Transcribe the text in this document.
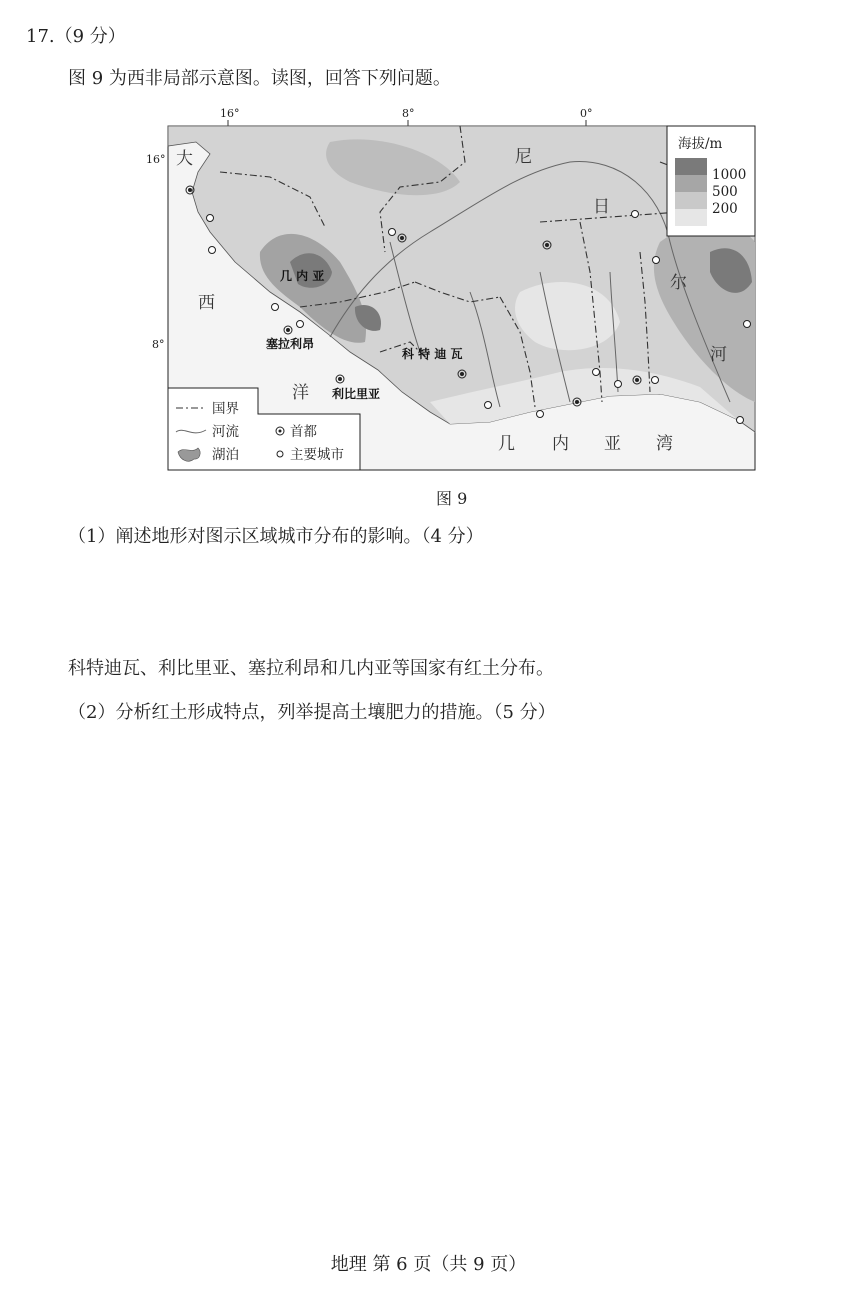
17.（9 分）
图 9 为西非局部示意图。读图，回答下列问题。
16°	8°	0°
16°
8°
大
西
洋
尼
日
尔
河
几 内 亚 湾
几 内 亚
塞拉利昂
科 特 迪 瓦
利比里亚
海拔/m
1000
500
200
国界
河流
湖泊
首都
主要城市
图 9
（1）阐述地形对图示区域城市分布的影响。（4 分）
科特迪瓦、利比里亚、塞拉利昂和几内亚等国家有红土分布。
（2）分析红土形成特点，列举提高土壤肥力的措施。（5 分）
地理 第 6 页（共 9 页）
